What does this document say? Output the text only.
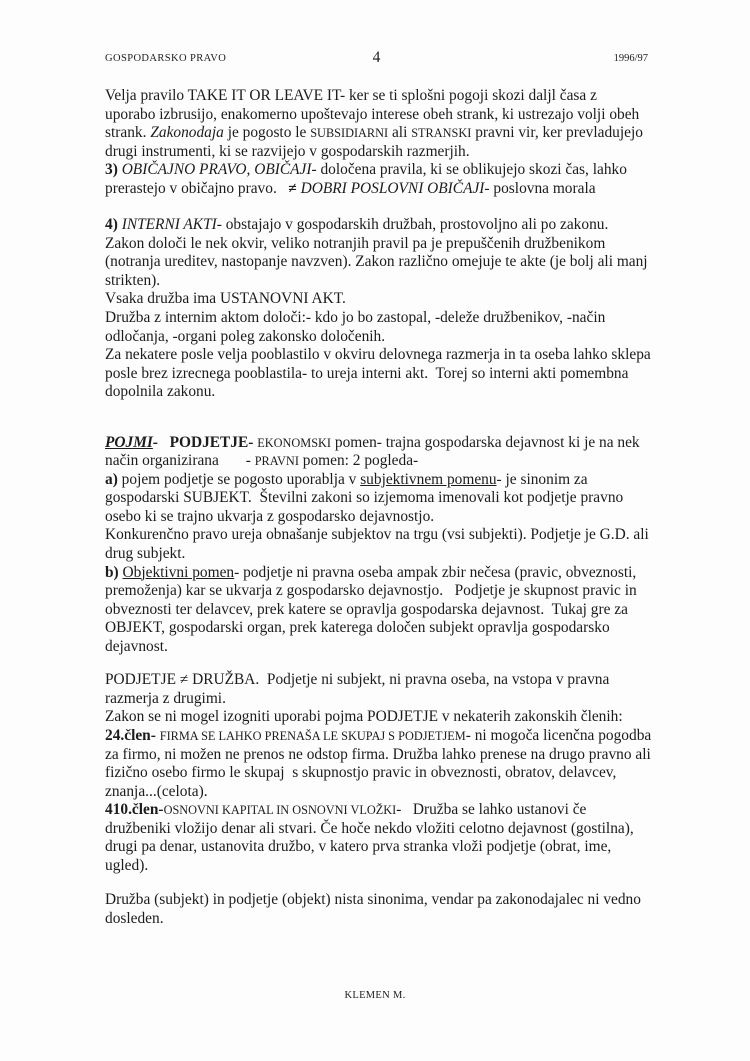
GOSPODARSKO PRAVO	4	1996/97

Velja pravilo TAKE IT OR LEAVE IT- ker se ti splošni pogoji skozi daljl časa z
uporabo izbrusijo, enakomerno upoštevajo interese obeh strank, ki ustrezajo volji obeh
strank. Zakonodaja je pogosto le SUBSIDIARNI ali STRANSKI pravni vir, ker prevladujejo
drugi instrumenti, ki se razvijejo v gospodarskih razmerjih.
3) OBIČAJNO PRAVO, OBIČAJI- določena pravila, ki se oblikujejo skozi čas, lahko
prerastejo v običajno pravo.   ≠ DOBRI POSLOVNI OBIČAJI- poslovna morala

4) INTERNI AKTI- obstajajo v gospodarskih družbah, prostovoljno ali po zakonu.
Zakon določi le nek okvir, veliko notranjih pravil pa je prepuščenih družbenikom
(notranja ureditev, nastopanje navzven). Zakon različno omejuje te akte (je bolj ali manj
strikten).
Vsaka družba ima USTANOVNI AKT.
Družba z internim aktom določi:- kdo jo bo zastopal, -deleže družbenikov, -način
odločanja, -organi poleg zakonsko določenih.
Za nekatere posle velja pooblastilo v okviru delovnega razmerja in ta oseba lahko sklepa
posle brez izrecnega pooblastila- to ureja interni akt.  Torej so interni akti pomembna
dopolnila zakonu.

POJMI- PODJETJE- EKONOMSKI pomen- trajna gospodarska dejavnost ki je na nek
način organizirana       - PRAVNI pomen: 2 pogleda-
a) pojem podjetje se pogosto uporablja v subjektivnem pomenu- je sinonim za
gospodarski SUBJEKT.  Številni zakoni so izjemoma imenovali kot podjetje pravno
osebo ki se trajno ukvarja z gospodarsko dejavnostjo.
Konkurenčno pravo ureja obnašanje subjektov na trgu (vsi subjekti). Podjetje je G.D. ali
drug subjekt.
b) Objektivni pomen- podjetje ni pravna oseba ampak zbir nečesa (pravic, obveznosti,
premoženja) kar se ukvarja z gospodarsko dejavnostjo.   Podjetje je skupnost pravic in
obveznosti ter delavcev, prek katere se opravlja gospodarska dejavnost.  Tukaj gre za
OBJEKT, gospodarski organ, prek katerega določen subjekt opravlja gospodarsko
dejavnost.

PODJETJE ≠ DRUŽBA.  Podjetje ni subjekt, ni pravna oseba, na vstopa v pravna
razmerja z drugimi.
Zakon se ni mogel izogniti uporabi pojma PODJETJE v nekaterih zakonskih členih:
24.člen- FIRMA SE LAHKO PRENAŠA LE SKUPAJ S PODJETJEM- ni mogoča licenčna pogodba
za firmo, ni možen ne prenos ne odstop firma. Družba lahko prenese na drugo pravno ali
fizično osebo firmo le skupaj  s skupnostjo pravic in obveznosti, obratov, delavcev,
znanja...(celota).
410.člen-OSNOVNI KAPITAL IN OSNOVNI VLOŽKI-   Družba se lahko ustanovi če
družbeniki vložijo denar ali stvari. Če hoče nekdo vložiti celotno dejavnost (gostilna),
drugi pa denar, ustanovita družbo, v katero prva stranka vloži podjetje (obrat, ime,
ugled).

Družba (subjekt) in podjetje (objekt) nista sinonima, vendar pa zakonodajalec ni vedno
dosleden.

KLEMEN M.
